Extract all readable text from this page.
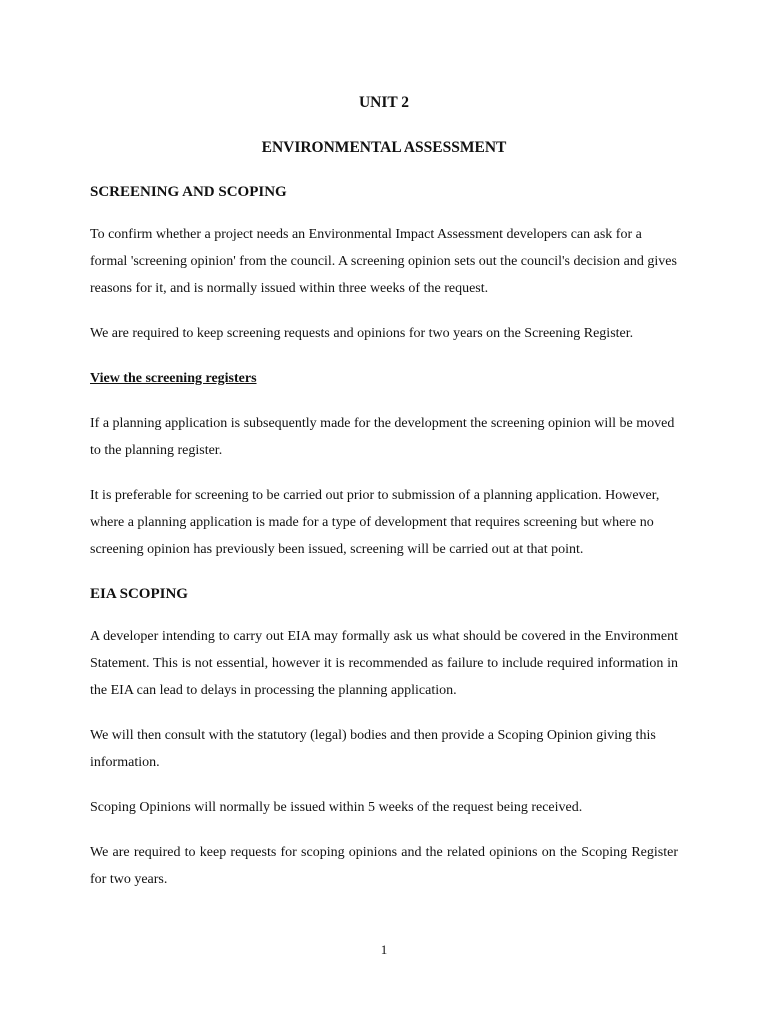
UNIT 2
ENVIRONMENTAL ASSESSMENT
SCREENING AND SCOPING

To confirm whether a project needs an Environmental Impact Assessment developers can ask for a formal 'screening opinion' from the council. A screening opinion sets out the council's decision and gives reasons for it, and is normally issued within three weeks of the request.

We are required to keep screening requests and opinions for two years on the Screening Register.

View the screening registers

If a planning application is subsequently made for the development the screening opinion will be moved to the planning register.

It is preferable for screening to be carried out prior to submission of a planning application. However, where a planning application is made for a type of development that requires screening but where no screening opinion has previously been issued, screening will be carried out at that point.

EIA SCOPING

A developer intending to carry out EIA may formally ask us what should be covered in the Environment Statement. This is not essential, however it is recommended as failure to include required information in the EIA can lead to delays in processing the planning application.

We will then consult with the statutory (legal) bodies and then provide a Scoping Opinion giving this information.

Scoping Opinions will normally be issued within 5 weeks of the request being received.

We are required to keep requests for scoping opinions and the related opinions on the Scoping Register for two years.

1
